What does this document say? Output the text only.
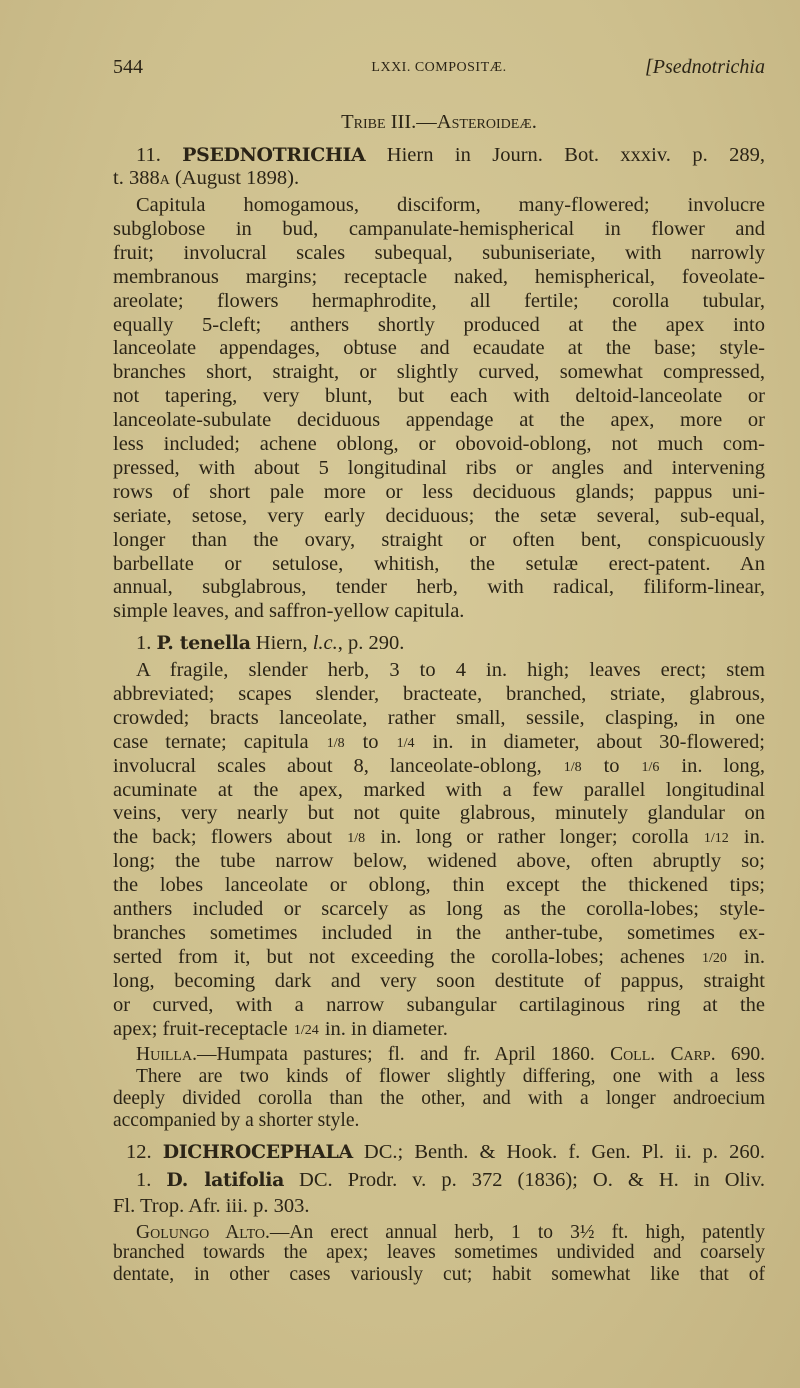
544	LXXI. COMPOSITÆ.	[Psednotrichia
Tribe III.—Asteroideæ.
11. PSEDNOTRICHIA Hiern in Journ. Bot. xxxiv. p. 289,
t. 388a (August 1898).
Capitula homogamous, disciform, many-flowered; involucre
subglobose in bud, campanulate-hemispherical in flower and
fruit; involucral scales subequal, subuniseriate, with narrowly
membranous margins; receptacle naked, hemispherical, foveolate-
areolate; flowers hermaphrodite, all fertile; corolla tubular,
equally 5-cleft; anthers shortly produced at the apex into
lanceolate appendages, obtuse and ecaudate at the base; style-
branches short, straight, or slightly curved, somewhat compressed,
not tapering, very blunt, but each with deltoid-lanceolate or
lanceolate-subulate deciduous appendage at the apex, more or
less included; achene oblong, or obovoid-oblong, not much com-
pressed, with about 5 longitudinal ribs or angles and intervening
rows of short pale more or less deciduous glands; pappus uni-
seriate, setose, very early deciduous; the setæ several, sub-equal,
longer than the ovary, straight or often bent, conspicuously
barbellate or setulose, whitish, the setulæ erect-patent. An
annual, subglabrous, tender herb, with radical, filiform-linear,
simple leaves, and saffron-yellow capitula.
1. P. tenella Hiern, l.c., p. 290.
A fragile, slender herb, 3 to 4 in. high; leaves erect; stem
abbreviated; scapes slender, bracteate, branched, striate, glabrous,
crowded; bracts lanceolate, rather small, sessile, clasping, in one
case ternate; capitula 1/8 to 1/4 in. in diameter, about 30-flowered;
involucral scales about 8, lanceolate-oblong, 1/8 to 1/6 in. long,
acuminate at the apex, marked with a few parallel longitudinal
veins, very nearly but not quite glabrous, minutely glandular on
the back; flowers about 1/8 in. long or rather longer; corolla 1/12 in.
long; the tube narrow below, widened above, often abruptly so;
the lobes lanceolate or oblong, thin except the thickened tips;
anthers included or scarcely as long as the corolla-lobes; style-
branches sometimes included in the anther-tube, sometimes ex-
serted from it, but not exceeding the corolla-lobes; achenes 1/20 in.
long, becoming dark and very soon destitute of pappus, straight
or curved, with a narrow subangular cartilaginous ring at the
apex; fruit-receptacle 1/24 in. in diameter.
Huilla.—Humpata pastures; fl. and fr. April 1860. Coll. Carp. 690.
There are two kinds of flower slightly differing, one with a less
deeply divided corolla than the other, and with a longer androecium
accompanied by a shorter style.
12. DICHROCEPHALA DC.; Benth. & Hook. f. Gen. Pl. ii. p. 260.
1. D. latifolia DC. Prodr. v. p. 372 (1836); O. & H. in Oliv.
Fl. Trop. Afr. iii. p. 303.
Golungo Alto.—An erect annual herb, 1 to 3½ ft. high, patently
branched towards the apex; leaves sometimes undivided and coarsely
dentate, in other cases variously cut; habit somewhat like that of
